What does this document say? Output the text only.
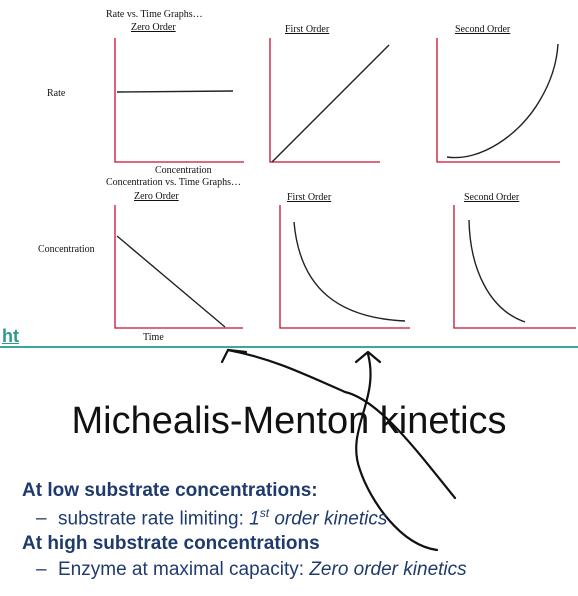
Rate vs. Time Graphs…
Zero Order	First Order	Second Order
Rate
Concentration
Concentration vs. Time Graphs…
Zero Order	First Order	Second Order
Concentration
Time
ht
Michealis-Menton kinetics
At low substrate concentrations:
– substrate rate limiting: 1st order kinetics
At high substrate concentrations
– Enzyme at maximal capacity: Zero order kinetics
